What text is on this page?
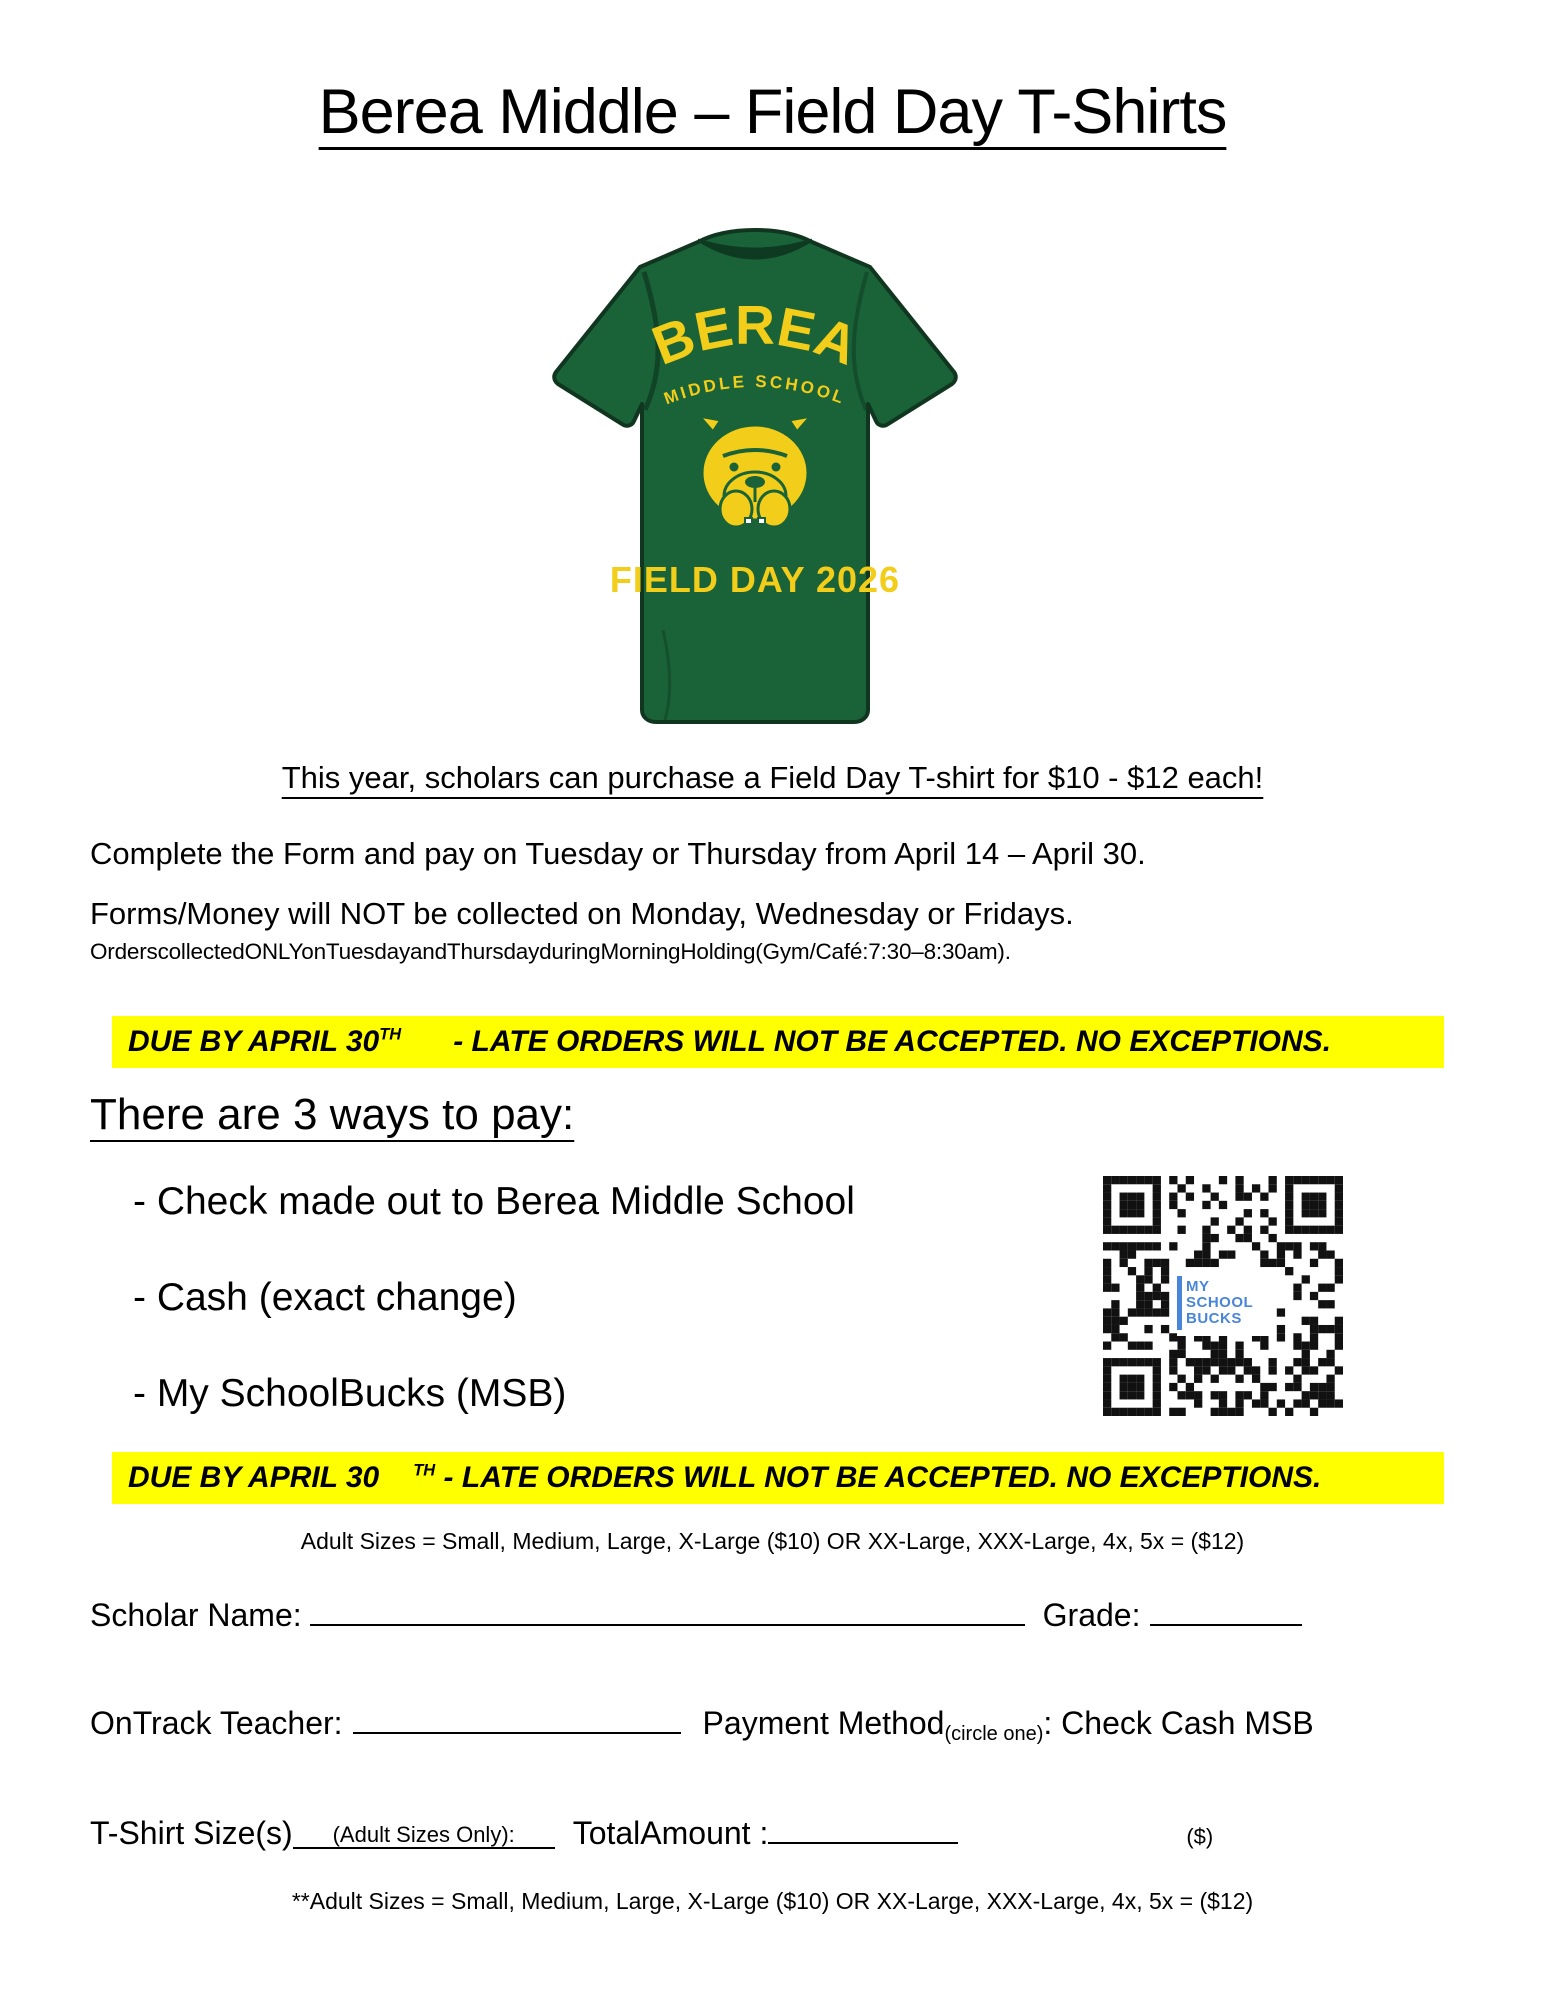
Berea Middle – Field Day T-Shirts
BEREA
MIDDLE SCHOOL
FIELD DAY 2026
This year, scholars can purchase a Field Day T-shirt for $10 - $12 each!
Complete the Form and pay on Tuesday or Thursday from April 14 – April 30.
Forms/Money will NOT be collected on Monday, Wednesday or Fridays.
OrderscollectedONLYonTuesdayandThursdayduringMorningHolding(Gym/Café:7:30–8:30am).
DUE BY APRIL 30 TH - LATE ORDERS WILL NOT BE ACCEPTED. NO EXCEPTIONS.
There are 3 ways to pay:
- Check made out to Berea Middle School
- Cash (exact change)
- My SchoolBucks (MSB)
MY
SCHOOL
BUCKS
DUE BY APRIL 30 TH - LATE ORDERS WILL NOT BE ACCEPTED. NO EXCEPTIONS.
Adult Sizes = Small, Medium, Large, X-Large ($10) OR XX-Large, XXX-Large, 4x, 5x = ($12)
Scholar Name:	Grade:
OnTrack Teacher:	Payment Method(circle one): Check Cash MSB
T-Shirt Size(s) (Adult Sizes Only): TotalAmount :	($)
**Adult Sizes = Small, Medium, Large, X-Large ($10) OR XX-Large, XXX-Large, 4x, 5x = ($12)
